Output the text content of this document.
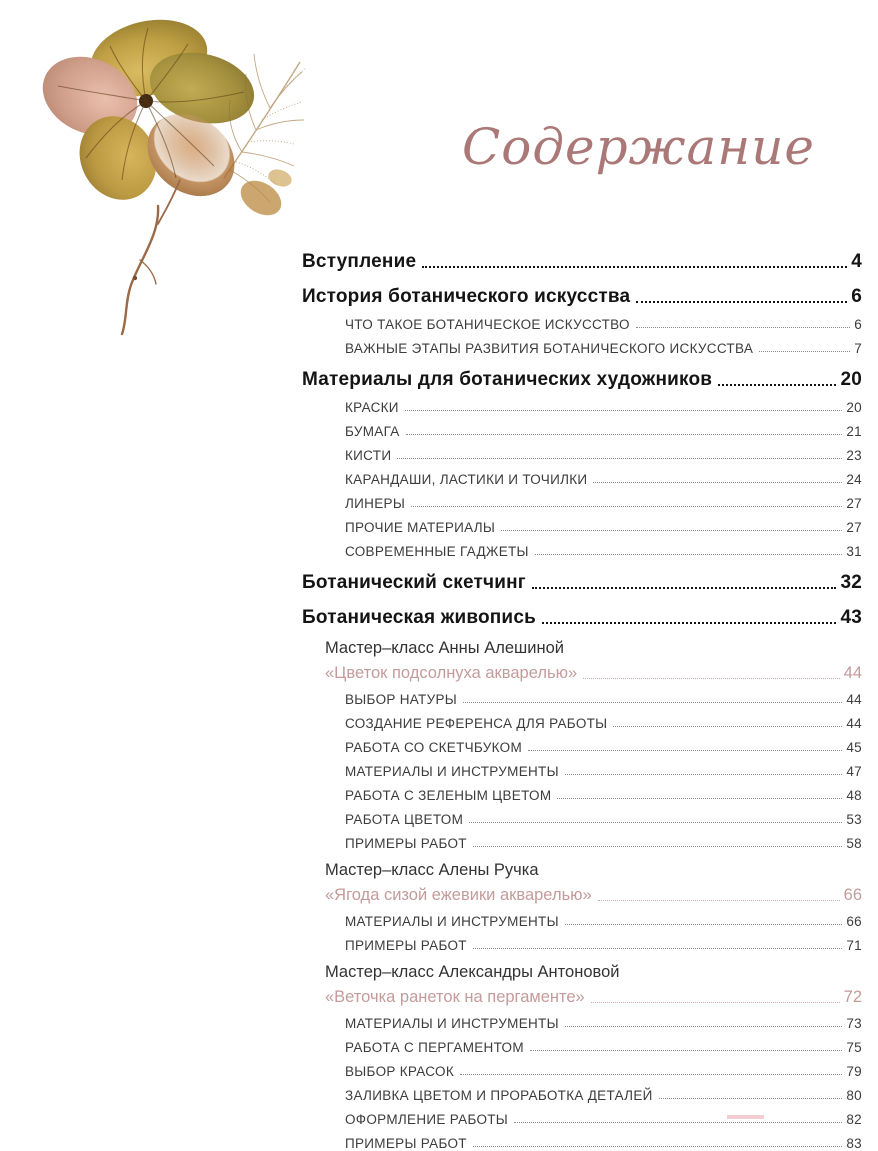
Содержание
Вступление	4
История ботанического искусства	6
ЧТО ТАКОЕ БОТАНИЧЕСКОЕ ИСКУССТВО	6
ВАЖНЫЕ ЭТАПЫ РАЗВИТИЯ БОТАНИЧЕСКОГО ИСКУССТВА	7
Материалы для ботанических художников	20
КРАСКИ	20
БУМАГА	21
КИСТИ	23
КАРАНДАШИ, ЛАСТИКИ И ТОЧИЛКИ	24
ЛИНЕРЫ	27
ПРОЧИЕ МАТЕРИАЛЫ	27
СОВРЕМЕННЫЕ ГАДЖЕТЫ	31
Ботанический скетчинг	32
Ботаническая живопись	43
Мастер–класс Анны Алешиной
«Цветок подсолнуха акварелью»	44
ВЫБОР НАТУРЫ	44
СОЗДАНИЕ РЕФЕРЕНСА ДЛЯ РАБОТЫ	44
РАБОТА СО СКЕТЧБУКОМ	45
МАТЕРИАЛЫ И ИНСТРУМЕНТЫ	47
РАБОТА С ЗЕЛЕНЫМ ЦВЕТОМ	48
РАБОТА ЦВЕТОМ	53
ПРИМЕРЫ РАБОТ	58
Мастер–класс Алены Ручка
«Ягода сизой ежевики акварелью»	66
МАТЕРИАЛЫ И ИНСТРУМЕНТЫ	66
ПРИМЕРЫ РАБОТ	71
Мастер–класс Александры Антоновой
«Веточка ранеток на пергаменте»	72
МАТЕРИАЛЫ И ИНСТРУМЕНТЫ	73
РАБОТА С ПЕРГАМЕНТОМ	75
ВЫБОР КРАСОК	79
ЗАЛИВКА ЦВЕТОМ И ПРОРАБОТКА ДЕТАЛЕЙ	80
ОФОРМЛЕНИЕ РАБОТЫ	82
ПРИМЕРЫ РАБОТ	83
